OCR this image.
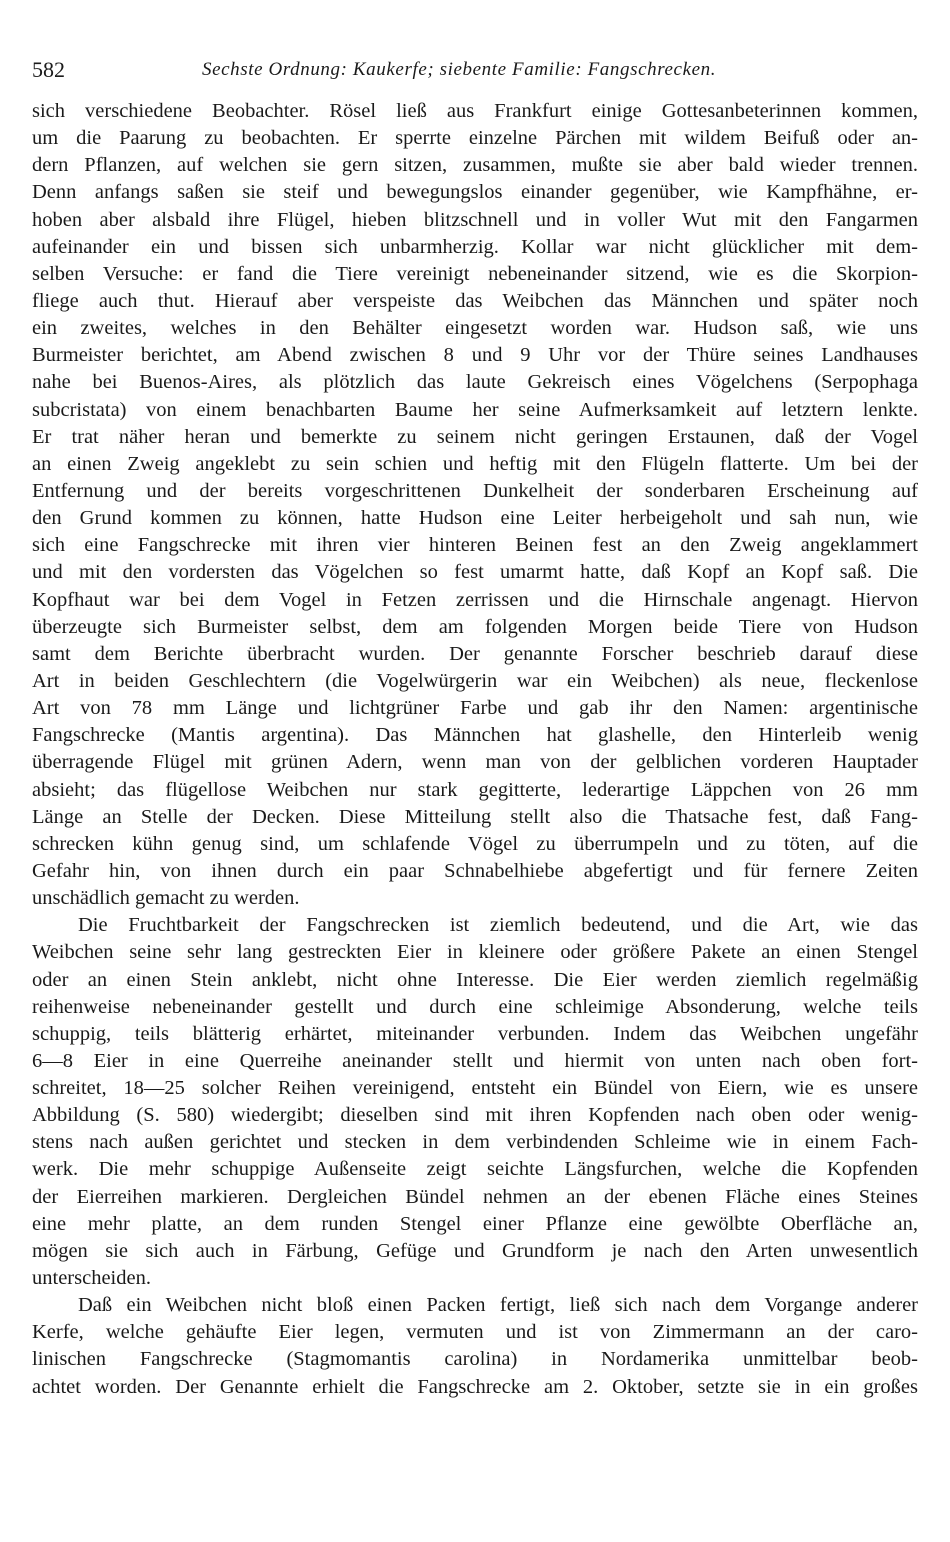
582	Sechste Ordnung: Kaukerfe; siebente Familie: Fangschrecken.
sich verschiedene Beobachter. Rösel ließ aus Frankfurt einige Gottesanbeterinnen kommen,
um die Paarung zu beobachten. Er sperrte einzelne Pärchen mit wildem Beifuß oder an-
dern Pflanzen, auf welchen sie gern sitzen, zusammen, mußte sie aber bald wieder trennen.
Denn anfangs saßen sie steif und bewegungslos einander gegenüber, wie Kampfhähne, er-
hoben aber alsbald ihre Flügel, hieben blitzschnell und in voller Wut mit den Fangarmen
aufeinander ein und bissen sich unbarmherzig. Kollar war nicht glücklicher mit dem-
selben Versuche: er fand die Tiere vereinigt nebeneinander sitzend, wie es die Skorpion-
fliege auch thut. Hierauf aber verspeiste das Weibchen das Männchen und später noch
ein zweites, welches in den Behälter eingesetzt worden war. Hudson saß, wie uns
Burmeister berichtet, am Abend zwischen 8 und 9 Uhr vor der Thüre seines Landhauses
nahe bei Buenos-Aires, als plötzlich das laute Gekreisch eines Vögelchens (Serpophaga
subcristata) von einem benachbarten Baume her seine Aufmerksamkeit auf letztern lenkte.
Er trat näher heran und bemerkte zu seinem nicht geringen Erstaunen, daß der Vogel
an einen Zweig angeklebt zu sein schien und heftig mit den Flügeln flatterte. Um bei der
Entfernung und der bereits vorgeschrittenen Dunkelheit der sonderbaren Erscheinung auf
den Grund kommen zu können, hatte Hudson eine Leiter herbeigeholt und sah nun, wie
sich eine Fangschrecke mit ihren vier hinteren Beinen fest an den Zweig angeklammert
und mit den vordersten das Vögelchen so fest umarmt hatte, daß Kopf an Kopf saß. Die
Kopfhaut war bei dem Vogel in Fetzen zerrissen und die Hirnschale angenagt. Hiervon
überzeugte sich Burmeister selbst, dem am folgenden Morgen beide Tiere von Hudson
samt dem Berichte überbracht wurden. Der genannte Forscher beschrieb darauf diese
Art in beiden Geschlechtern (die Vogelwürgerin war ein Weibchen) als neue, fleckenlose
Art von 78 mm Länge und lichtgrüner Farbe und gab ihr den Namen: argentinische
Fangschrecke (Mantis argentina). Das Männchen hat glashelle, den Hinterleib wenig
überragende Flügel mit grünen Adern, wenn man von der gelblichen vorderen Hauptader
absieht; das flügellose Weibchen nur stark gegitterte, lederartige Läppchen von 26 mm
Länge an Stelle der Decken. Diese Mitteilung stellt also die Thatsache fest, daß Fang-
schrecken kühn genug sind, um schlafende Vögel zu überrumpeln und zu töten, auf die
Gefahr hin, von ihnen durch ein paar Schnabelhiebe abgefertigt und für fernere Zeiten
unschädlich gemacht zu werden.
Die Fruchtbarkeit der Fangschrecken ist ziemlich bedeutend, und die Art, wie das
Weibchen seine sehr lang gestreckten Eier in kleinere oder größere Pakete an einen Stengel
oder an einen Stein anklebt, nicht ohne Interesse. Die Eier werden ziemlich regelmäßig
reihenweise nebeneinander gestellt und durch eine schleimige Absonderung, welche teils
schuppig, teils blätterig erhärtet, miteinander verbunden. Indem das Weibchen ungefähr
6—8 Eier in eine Querreihe aneinander stellt und hiermit von unten nach oben fort-
schreitet, 18—25 solcher Reihen vereinigend, entsteht ein Bündel von Eiern, wie es unsere
Abbildung (S. 580) wiedergibt; dieselben sind mit ihren Kopfenden nach oben oder wenig-
stens nach außen gerichtet und stecken in dem verbindenden Schleime wie in einem Fach-
werk. Die mehr schuppige Außenseite zeigt seichte Längsfurchen, welche die Kopfenden
der Eierreihen markieren. Dergleichen Bündel nehmen an der ebenen Fläche eines Steines
eine mehr platte, an dem runden Stengel einer Pflanze eine gewölbte Oberfläche an,
mögen sie sich auch in Färbung, Gefüge und Grundform je nach den Arten unwesentlich
unterscheiden.
Daß ein Weibchen nicht bloß einen Packen fertigt, ließ sich nach dem Vorgange anderer
Kerfe, welche gehäufte Eier legen, vermuten und ist von Zimmermann an der caro-
linischen Fangschrecke (Stagmomantis carolina) in Nordamerika unmittelbar beob-
achtet worden. Der Genannte erhielt die Fangschrecke am 2. Oktober, setzte sie in ein großes
